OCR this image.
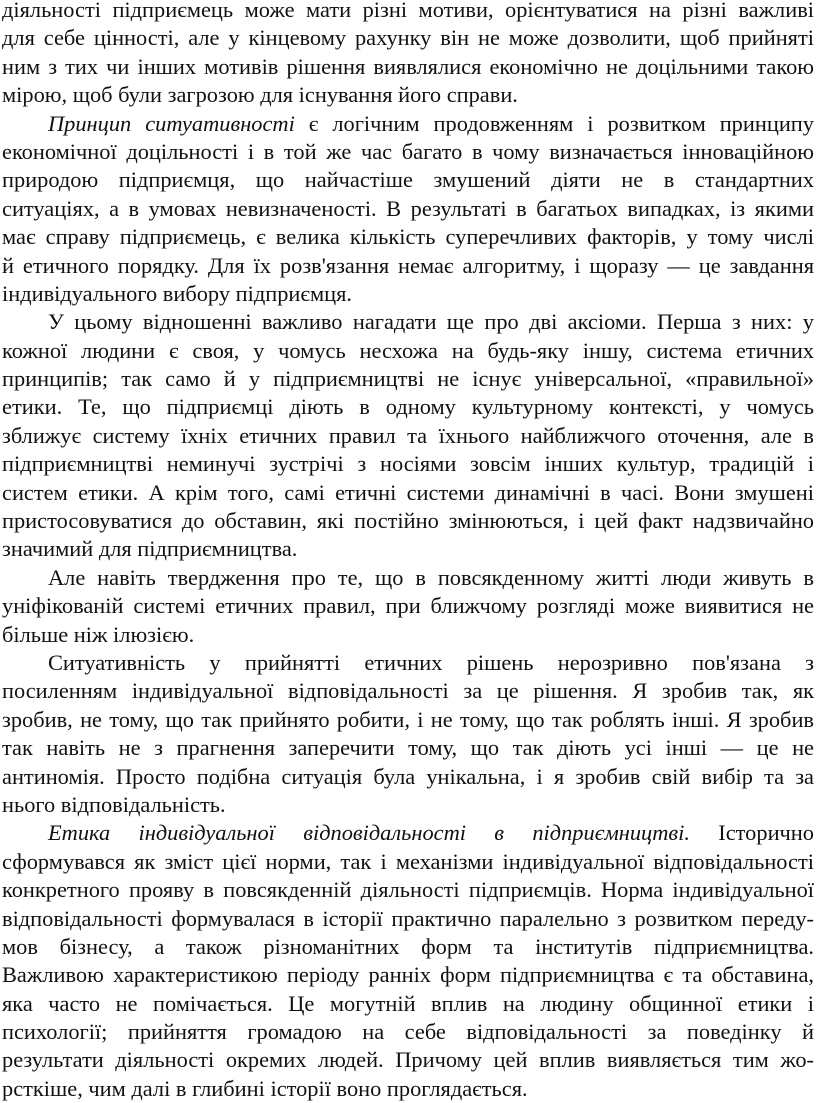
діяльності підприємець може мати різні мотиви, орієнтуватися на різні важливі
для себе цінності, але у кінцевому рахунку він не може дозволити, щоб прийняті
ним з тих чи інших мотивів рішення виявлялися економічно не доцільними такою
мірою, щоб були загрозою для існування його справи.
Принцип ситуативності є логічним продовженням і розвитком принципу
економічної доцільності і в той же час багато в чому визначається інноваційною
природою підприємця, що найчастіше змушений діяти не в стандартних
ситуаціях, а в умовах невизначеності. В результаті в багатьох випадках, із якими
має справу підприємець, є велика кількість суперечливих факторів, у тому числі
й етичного порядку. Для їх розв'язання немає алгоритму, і щоразу — це завдання
індивідуального вибору підприємця.
У цьому відношенні важливо нагадати ще про дві аксіоми. Перша з них: у
кожної людини є своя, у чомусь несхожа на будь-яку іншу, система етичних
принципів; так само й у підприємництві не існує універсальної, «правильної»
етики. Те, що підприємці діють в одному культурному контексті, у чомусь
зближує систему їхніх етичних правил та їхнього найближчого оточення, але в
підприємництві неминучі зустрічі з носіями зовсім інших культур, традицій і
систем етики. А крім того, самі етичні системи динамічні в часі. Вони змушені
пристосовуватися до обставин, які постійно змінюються, і цей факт надзвичайно
значимий для підприємництва.
Але навіть твердження про те, що в повсякденному житті люди живуть в
уніфікованій системі етичних правил, при ближчому розгляді може виявитися не
більше ніж ілюзією.
Ситуативність у прийнятті етичних рішень нерозривно пов'язана з
посиленням індивідуальної відповідальності за це рішення. Я зробив так, як
зробив, не тому, що так прийнято робити, і не тому, що так роблять інші. Я зробив
так навіть не з прагнення заперечити тому, що так діють усі інші — це не
антиномія. Просто подібна ситуація була унікальна, і я зробив свій вибір та за
нього відповідальність.
Етика індивідуальної відповідальності в підприємництві. Історично
сформувався як зміст цієї норми, так і механізми індивідуальної відповідальності
конкретного прояву в повсякденній діяльності підприємців. Норма індивідуальної
відповідальності формувалася в історії практично паралельно з розвитком переду-
мов бізнесу, а також різноманітних форм та інститутів підприємництва.
Важливою характеристикою періоду ранніх форм підприємництва є та обставина,
яка часто не помічається. Це могутній вплив на людину общинної етики і
психології; прийняття громадою на себе відповідальності за поведінку й
результати діяльності окремих людей. Причому цей вплив виявляється тим жо-
рсткіше, чим далі в глибині історії воно проглядається.
